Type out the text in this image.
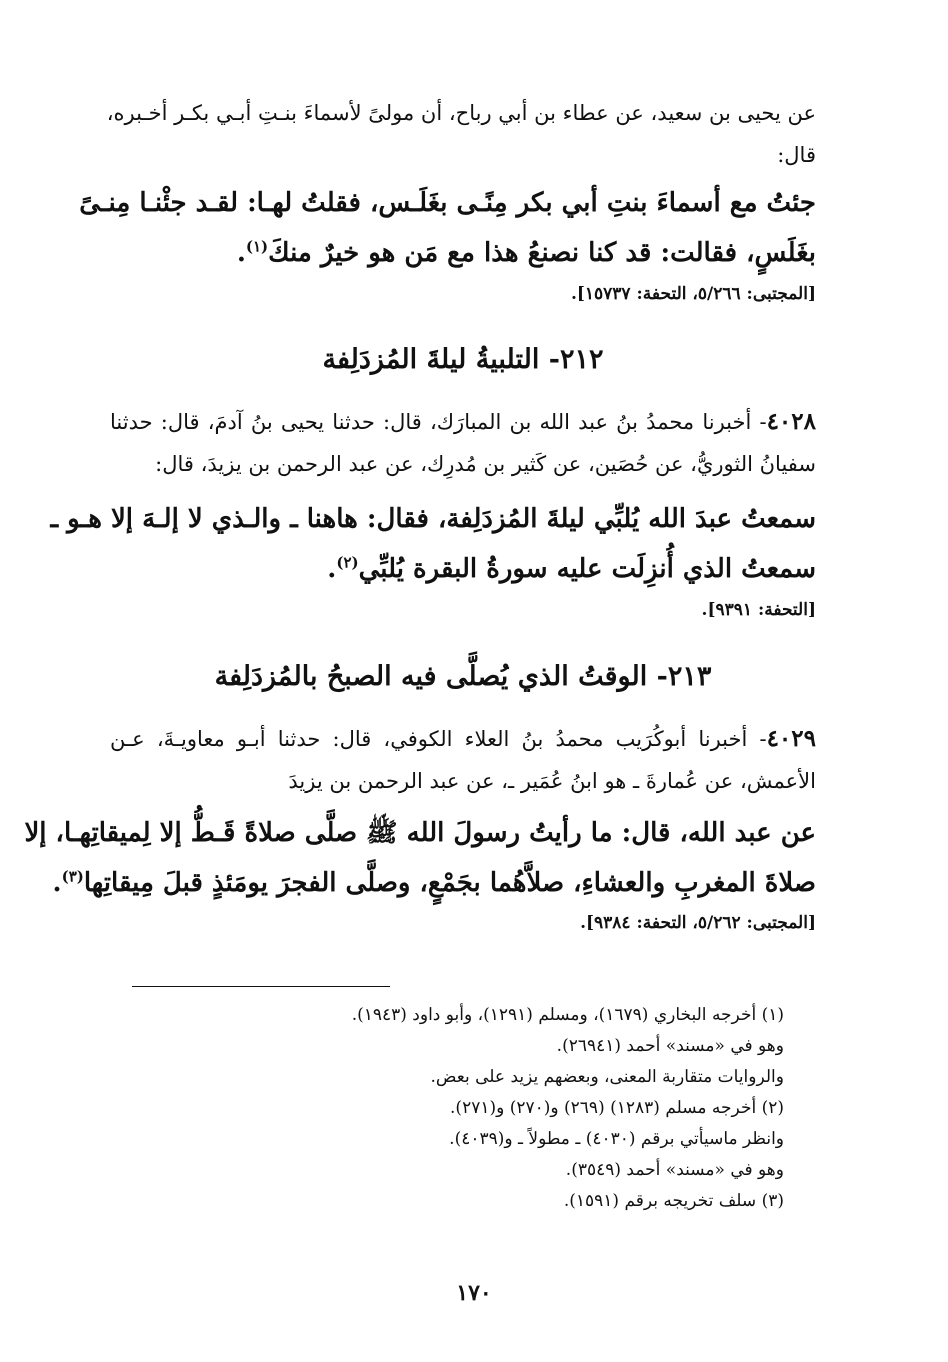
عن يحيى بن سعيد، عن عطاء بن أبي رباح، أن مولىً لأسماءَ بنـتِ أبـي بكـر أخـبره،
قال:
جئتُ مع أسماءَ بنتِ أبي بكر مِنًـى بغَلَـس، فقلتُ لهـا: لقـد جئْنـا مِنـىً
بغَلَسٍ، فقالت: قد كنا نصنعُ هذا مع مَن هو خيرٌ منكَ$^{(١)}$.
[المجتبى: ٥/٢٦٦، التحفة: ١٥٧٣٧].
٢١٢- التلبيةُ ليلةَ المُزدَلِفة
٤٠٢٨- أخبرنا محمدُ بنُ عبد الله بن المبارَك، قال: حدثنا يحيى بنُ آدمَ، قال: حدثنا
سفيانُ الثوريُّ، عن حُصَين، عن كَثير بن مُدرِك، عن عبد الرحمن بن يزيدَ، قال:
سمعتُ عبدَ الله يُلبِّي ليلةَ المُزدَلِفة، فقال: هاهنا ـ والـذي لا إلـهَ إلا هـو ـ
سمعتُ الذي أُنزِلَت عليه سورةُ البقرة يُلبِّي$^{(٢)}$.
[التحفة: ٩٣٩١].
٢١٣- الوقتُ الذي يُصلَّى فيه الصبحُ بالمُزدَلِفة
٤٠٢٩- أخبرنا أبوكُرَيب محمدُ بنُ العلاء الكوفي، قال: حدثنا أبـو معاويـةَ، عـن
الأعمش، عن عُمارةَ ـ هو ابنُ عُمَير ـ، عن عبد الرحمن بن يزيدَ
عن عبد الله، قال: ما رأيتُ رسولَ الله ﷺ صلَّى صلاةً قَـطُّ إلا لِميقاتِهـا، إلا
صلاةَ المغربِ والعشاءِ، صلاَّهُما بجَمْعٍ، وصلَّى الفجرَ يومَئذٍ قبلَ مِيقاتِها$^{(٣)}$.
[المجتبى: ٥/٢٦٢، التحفة: ٩٣٨٤].
(١) أخرجه البخاري (١٦٧٩)، ومسلم (١٢٩١)، وأبو داود (١٩٤٣).
وهو في «مسند» أحمد (٢٦٩٤١).
والروايات متقاربة المعنى، وبعضهم يزيد على بعض.
(٢) أخرجه مسلم (١٢٨٣) (٢٦٩) و(٢٧٠) و(٢٧١).
وانظر ماسيأتي برقم (٤٠٣٠) ـ مطولاً ـ و(٤٠٣٩).
وهو في «مسند» أحمد (٣٥٤٩).
(٣) سلف تخريجه برقم (١٥٩١).
١٧٠
